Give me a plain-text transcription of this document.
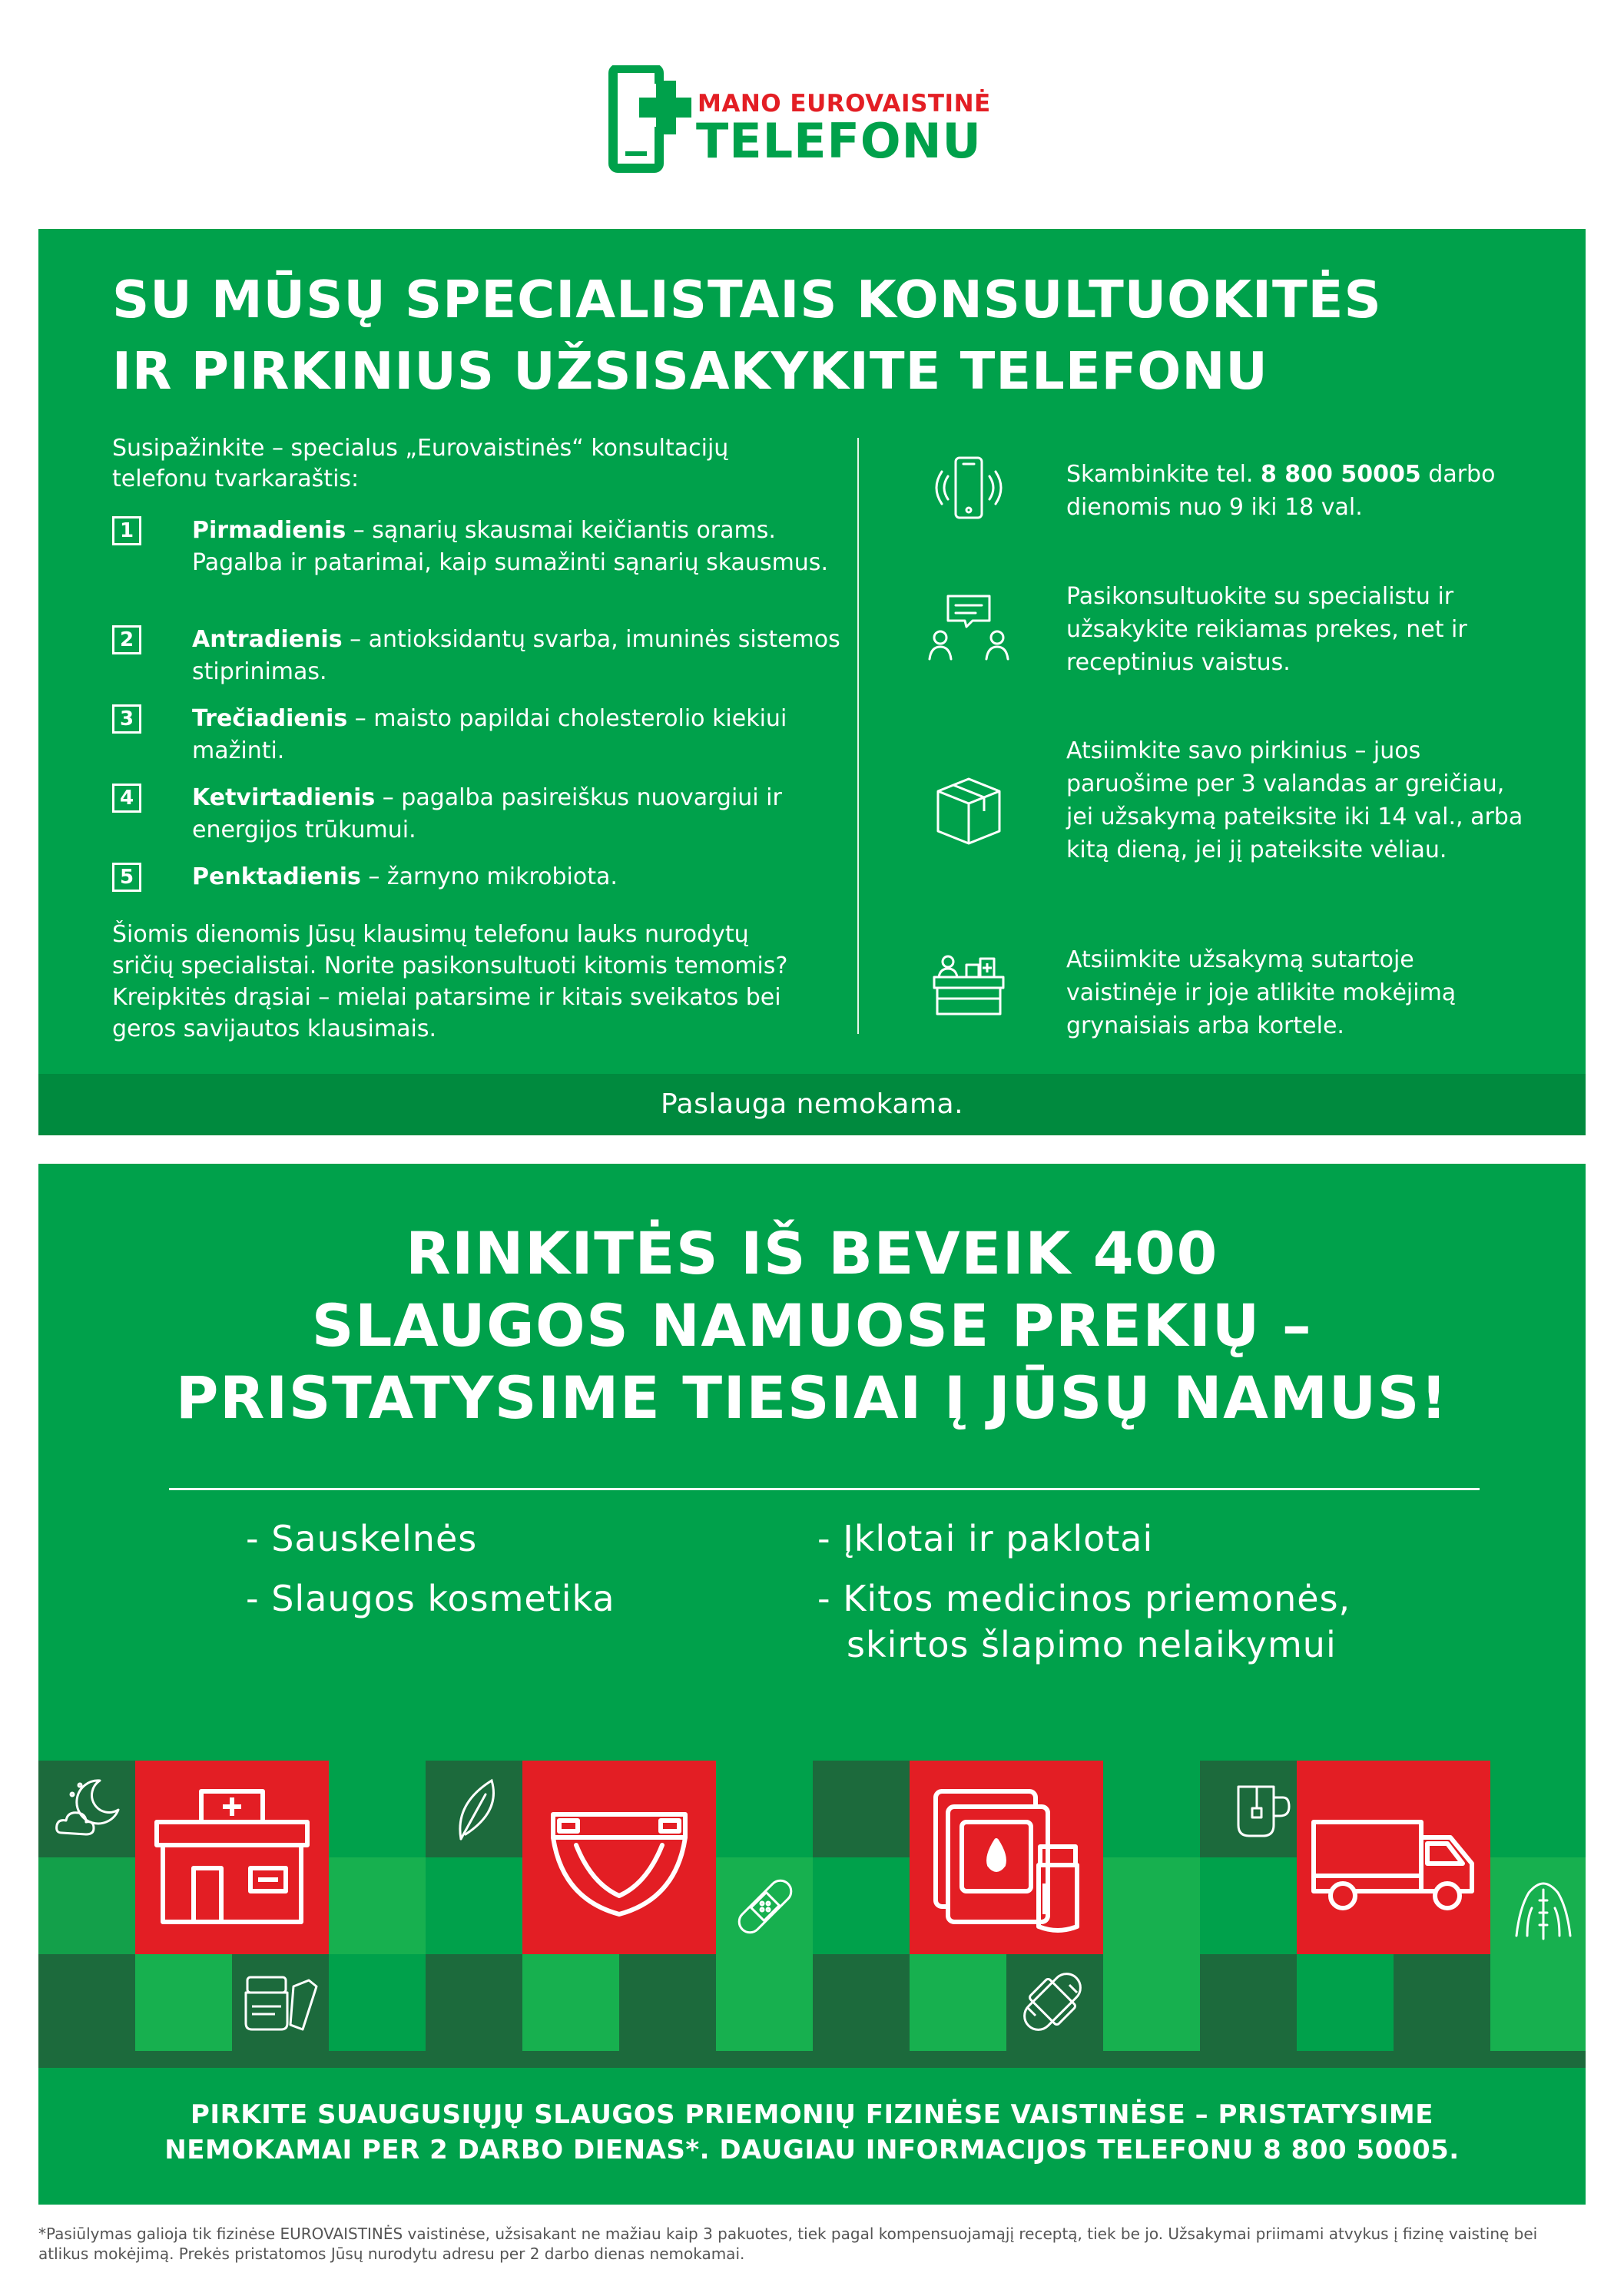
MANO EUROVAISTINĖ
TELEFONU
SU MŪSŲ SPECIALISTAIS KONSULTUOKITĖS
IR PIRKINIUS UŽSISAKYKITE TELEFONU
Susipažinkite – specialus „Eurovaistinės“ konsultacijų telefonu tvarkaraštis:
1	Pirmadienis – sąnarių skausmai keičiantis orams. Pagalba ir patarimai, kaip sumažinti sąnarių skausmus.
2	Antradienis – antioksidantų svarba, imuninės sistemos stiprinimas.
3	Trečiadienis – maisto papildai cholesterolio kiekiui mažinti.
4	Ketvirtadienis – pagalba pasireiškus nuovargiui ir energijos trūkumui.
5	Penktadienis – žarnyno mikrobiota.
Šiomis dienomis Jūsų klausimų telefonu lauks nurodytų sričių specialistai. Norite pasikonsultuoti kitomis temomis? Kreipkitės drąsiai – mielai patarsime ir kitais sveikatos bei geros savijautos klausimais.
Skambinkite tel. 8 800 50005 darbo dienomis nuo 9 iki 18 val.
Pasikonsultuokite su specialistu ir užsakykite reikiamas prekes, net ir receptinius vaistus.
Atsiimkite savo pirkinius – juos paruošime per 3 valandas ar greičiau, jei užsakymą pateiksite iki 14 val., arba kitą dieną, jei jį pateiksite vėliau.
Atsiimkite užsakymą sutartoje vaistinėje ir joje atlikite mokėjimą grynaisiais arba kortele.
Paslauga nemokama.
RINKITĖS IŠ BEVEIK 400
SLAUGOS NAMUOSE PREKIŲ –
PRISTATYSIME TIESIAI Į JŪSŲ NAMUS!
- Sauskelnės
- Slaugos kosmetika
- Įklotai ir paklotai
- Kitos medicinos priemonės,
skirtos šlapimo nelaikymui
PIRKITE SUAUGUSIŲJŲ SLAUGOS PRIEMONIŲ FIZINĖSE VAISTINĖSE – PRISTATYSIME
NEMOKAMAI PER 2 DARBO DIENAS*. DAUGIAU INFORMACIJOS TELEFONU 8 800 50005.
*Pasiūlymas galioja tik fizinėse EUROVAISTINĖS vaistinėse, užsisakant ne mažiau kaip 3 pakuotes, tiek pagal kompensuojamąjį receptą, tiek be jo. Užsakymai priimami atvykus į fizinę vaistinę bei atlikus mokėjimą. Prekės pristatomos Jūsų nurodytu adresu per 2 darbo dienas nemokamai.
